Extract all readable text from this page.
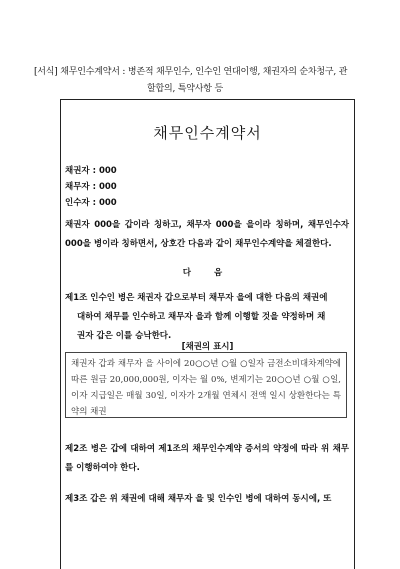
[서식] 채무인수계약서 : 병존적 채무인수, 인수인 연대이행, 채권자의 순차청구, 관
할합의, 특약사항 등
채무인수계약서
채권자 : 000
채무자 : 000
인수자 : 000
채권자 000을 갑이라 칭하고, 채무자 000을 을이라 칭하며, 채무인수자 000을 병이라 칭하면서, 상호간 다음과 같이 채무인수계약을 체결한다.
다 음
제1조 인수인 병은 채권자 갑으로부터 채무자 을에 대한 다음의 채권에
대하여 채무를 인수하고 채무자 을과 함께 이행할 것을 약정하며 채
권자 갑은 이를 승낙한다.
[채권의 표시]
채권자 갑과 채무자 을 사이에 20○○년 ○월 ○일자 금전소비대차계약에 따른 원금 20,000,000원, 이자는 월 0%, 변제기는 20○○년 ○월 ○일, 이자 지급일은 매월 30일, 이자가 2개월 연체시 전액 일시 상환한다는 특약의 채권
제2조 병은 갑에 대하여 제1조의 채무인수계약 증서의 약정에 따라 위 채무를 이행하여야 한다.
제3조 갑은 위 채권에 대해 채무자 을 및 인수인 병에 대하여 동시에, 또
